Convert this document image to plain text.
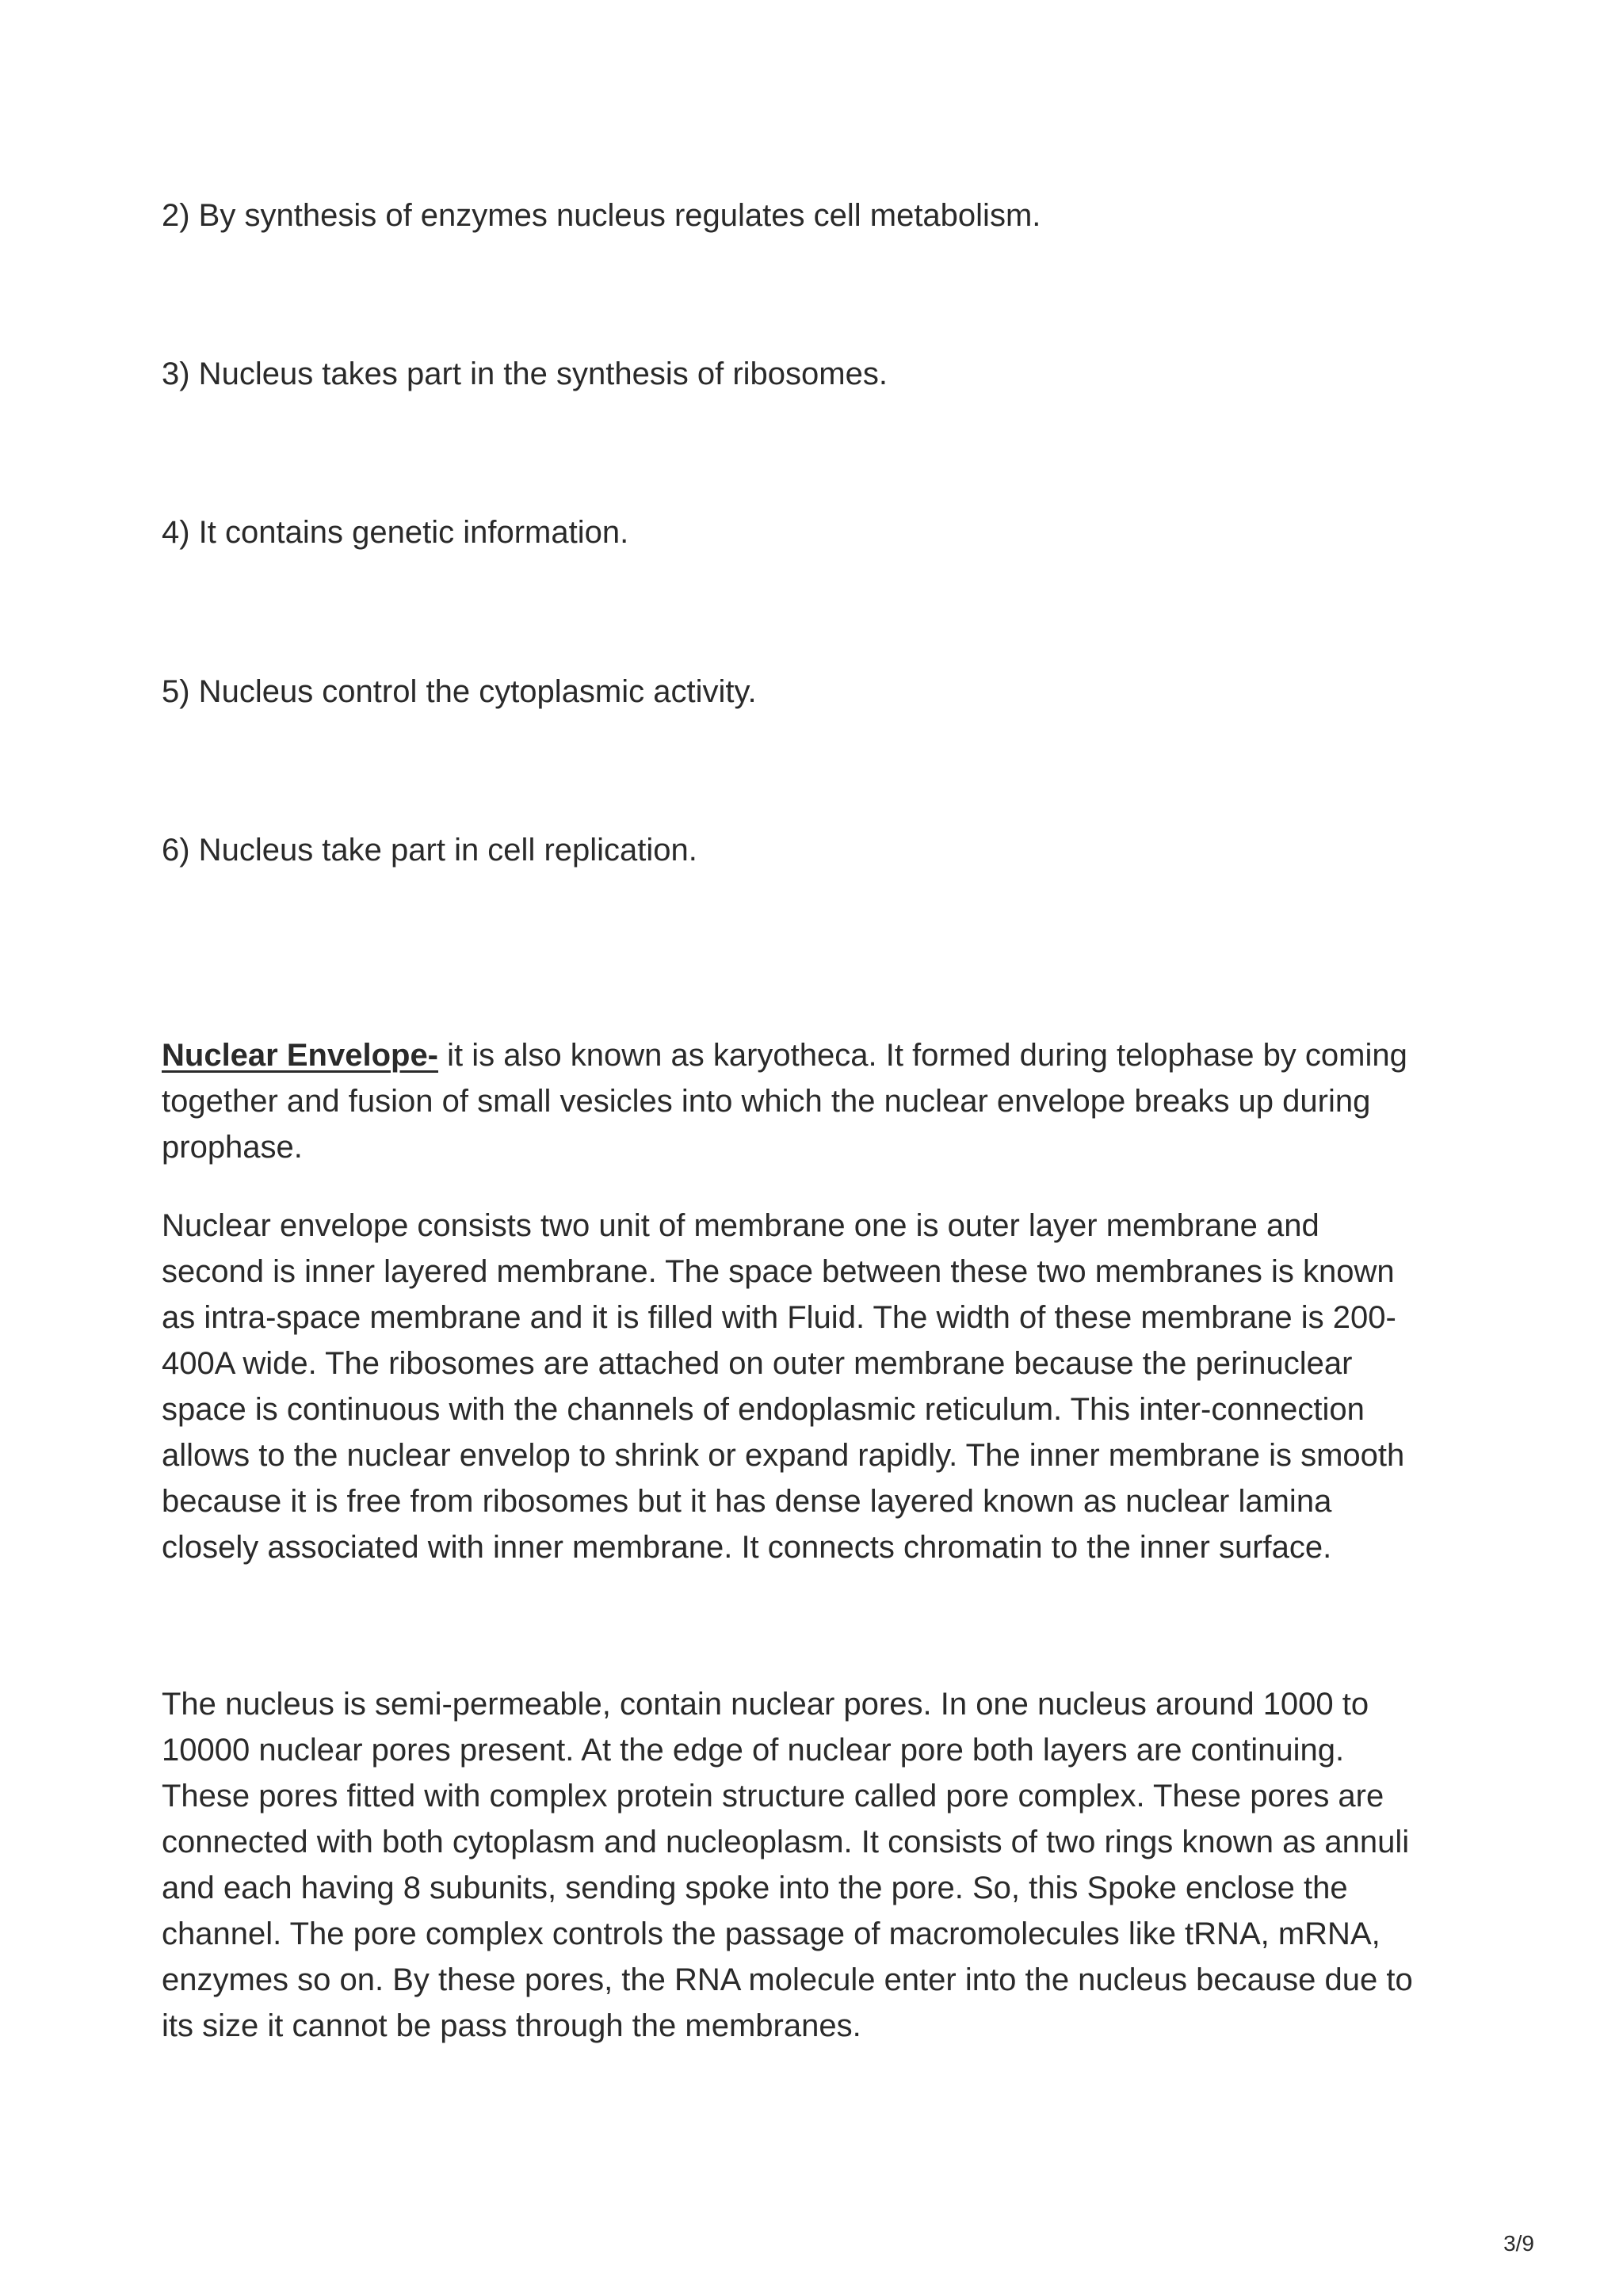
2) By synthesis of enzymes nucleus regulates cell metabolism.

3) Nucleus takes part in the synthesis of ribosomes.

4) It contains genetic information.

5) Nucleus control the cytoplasmic activity.

6) Nucleus take part in cell replication.

Nuclear Envelope- it is also known as karyotheca. It formed during telophase by coming
together and fusion of small vesicles into which the nuclear envelope breaks up during
prophase.
Nuclear envelope consists two unit of membrane one is outer layer membrane and
second is inner layered membrane. The space between these two membranes is known
as intra-space membrane and it is filled with Fluid. The width of these membrane is 200-
400A wide. The ribosomes are attached on outer membrane because the perinuclear
space is continuous with the channels of endoplasmic reticulum. This inter-connection
allows to the nuclear envelop to shrink or expand rapidly. The inner membrane is smooth
because it is free from ribosomes but it has dense layered known as nuclear lamina
closely associated with inner membrane. It connects chromatin to the inner surface.
The nucleus is semi-permeable, contain nuclear pores. In one nucleus around 1000 to
10000 nuclear pores present. At the edge of nuclear pore both layers are continuing.
These pores fitted with complex protein structure called pore complex. These pores are
connected with both cytoplasm and nucleoplasm. It consists of two rings known as annuli
and each having 8 subunits, sending spoke into the pore. So, this Spoke enclose the
channel. The pore complex controls the passage of macromolecules like tRNA, mRNA,
enzymes so on. By these pores, the RNA molecule enter into the nucleus because due to
its size it cannot be pass through the membranes.
3/9
